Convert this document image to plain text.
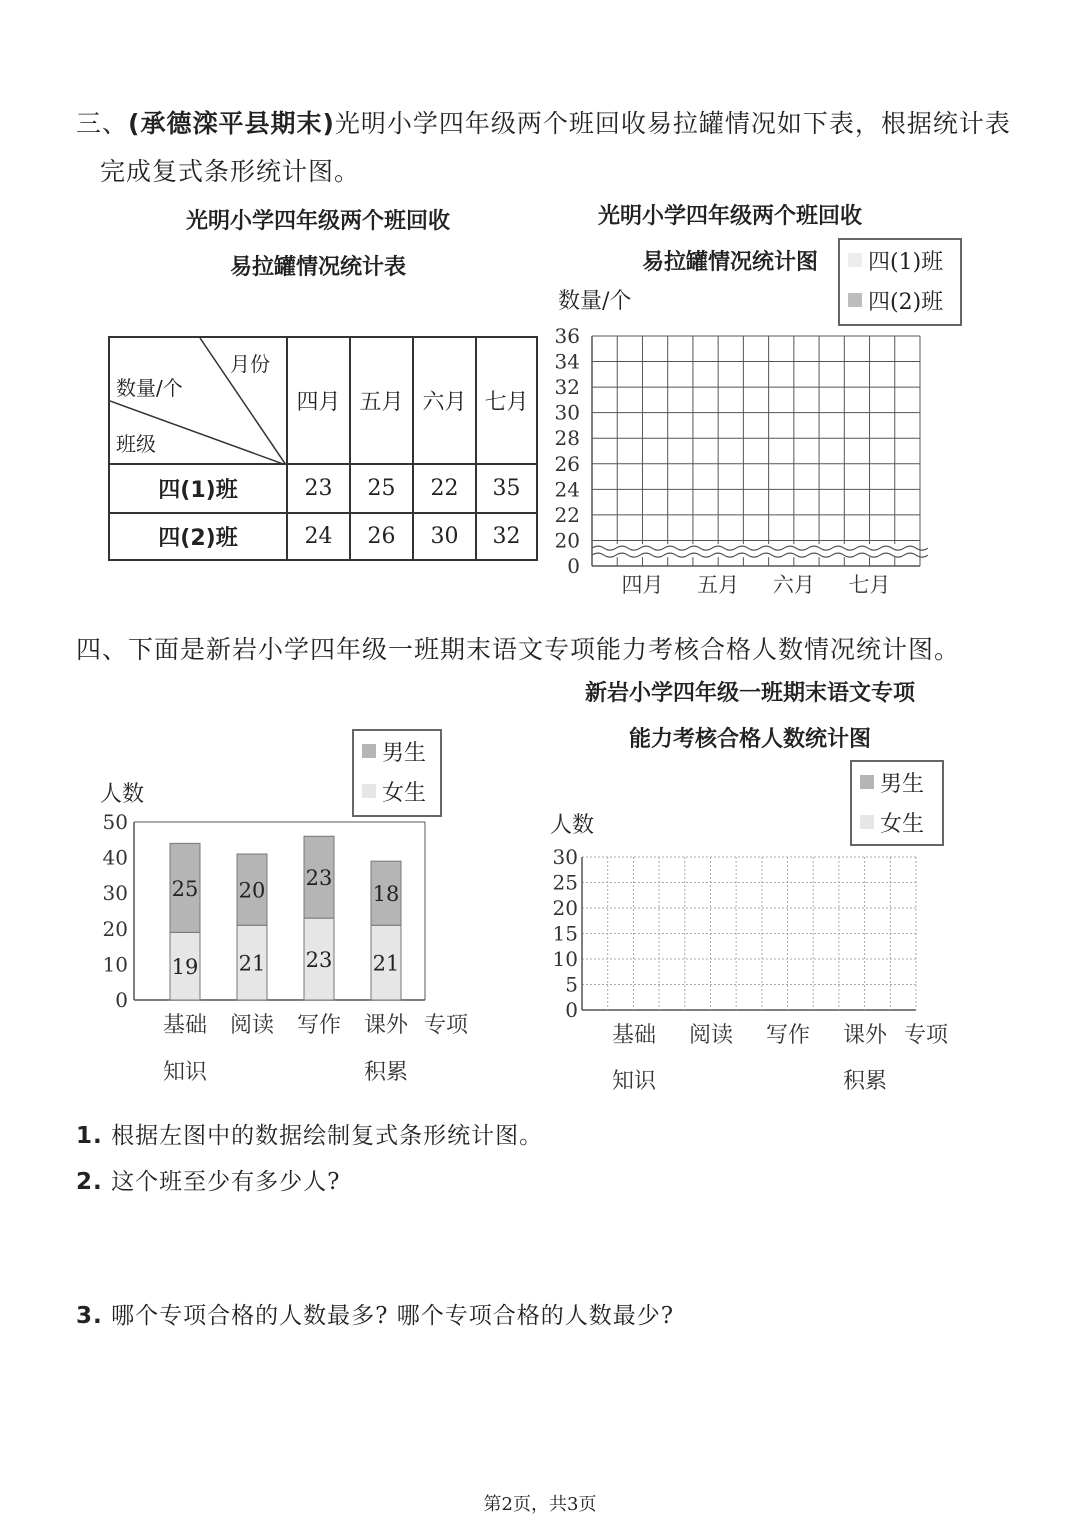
三、(承德滦平县期末)光明小学四年级两个班回收易拉罐情况如下表，根据统计表
完成复式条形统计图。
光明小学四年级两个班回收
易拉罐情况统计表
月份
数量/个
班级	四月	五月	六月	七月
四(1)班	23	25	22	35
四(2)班	24	26	30	32
光明小学四年级两个班回收
易拉罐情况统计图
数量/个
四(1)班
四(2)班
0
20
22
24
26
28
30
32
34
36
四月 五月 六月 七月
四、下面是新岩小学四年级一班期末语文专项能力考核合格人数情况统计图。
新岩小学四年级一班期末语文专项
能力考核合格人数统计图
男生
女生
人数
0
10
20
30
40
50
19
25
基础
知识
21
20
阅读
23
23
写作
21
18
课外
积累
专项
男生
女生
人数
0
5
10
15
20
25
30
基础
知识
阅读 写作 课外
积累
专项
1. 根据左图中的数据绘制复式条形统计图。
2. 这个班至少有多少人?
3. 哪个专项合格的人数最多? 哪个专项合格的人数最少?
第2页，共3页
